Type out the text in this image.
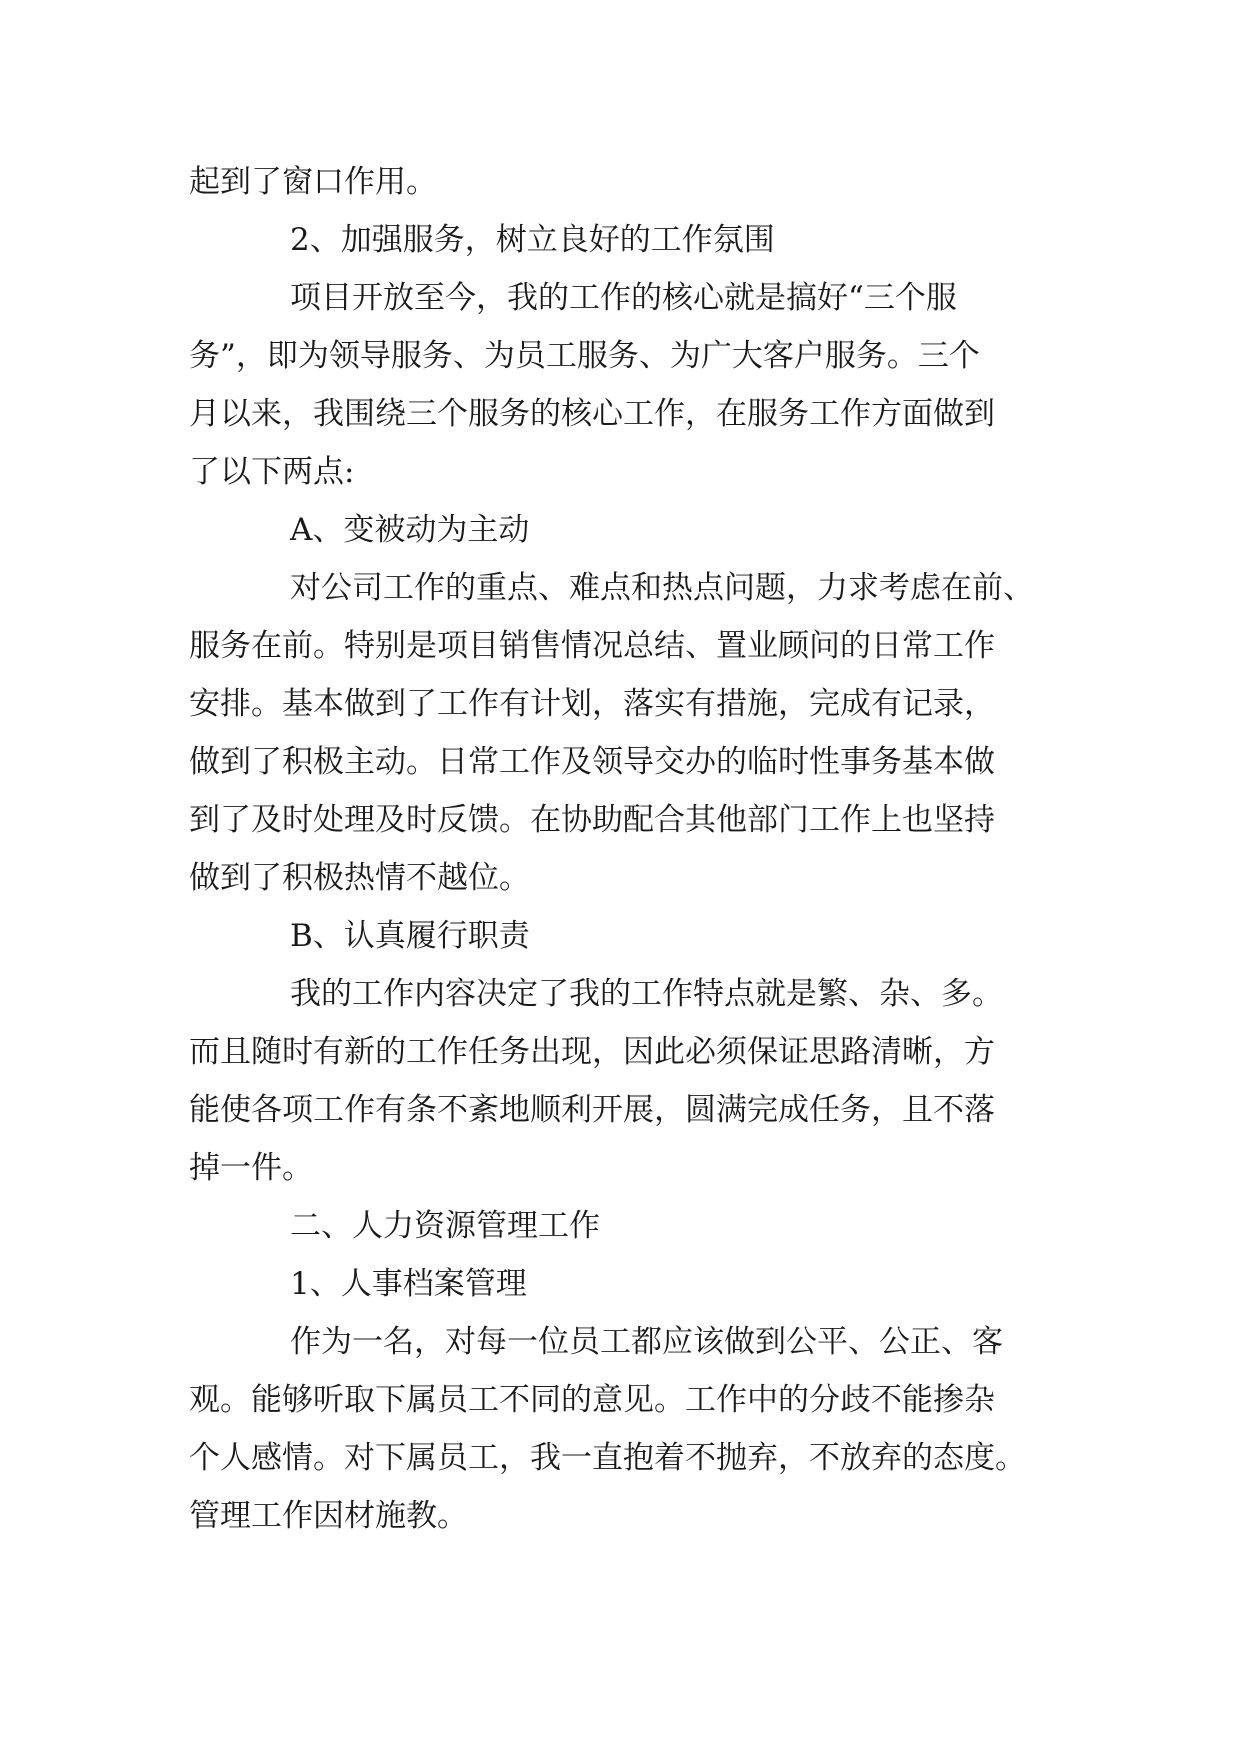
起到了窗口作用。
2、加强服务，树立良好的工作氛围
项目开放至今，我的工作的核心就是搞好“三个服
务”，即为领导服务、为员工服务、为广大客户服务。三个
月以来，我围绕三个服务的核心工作，在服务工作方面做到
了以下两点:
A、变被动为主动
对公司工作的重点、难点和热点问题，力求考虑在前、
服务在前。特别是项目销售情况总结、置业顾问的日常工作
安排。基本做到了工作有计划，落实有措施，完成有记录，
做到了积极主动。日常工作及领导交办的临时性事务基本做
到了及时处理及时反馈。在协助配合其他部门工作上也坚持
做到了积极热情不越位。
B、认真履行职责
我的工作内容决定了我的工作特点就是繁、杂、多。
而且随时有新的工作任务出现，因此必须保证思路清晰，方
能使各项工作有条不紊地顺利开展，圆满完成任务，且不落
掉一件。
二、人力资源管理工作
1、人事档案管理
作为一名，对每一位员工都应该做到公平、公正、客
观。能够听取下属员工不同的意见。工作中的分歧不能掺杂
个人感情。对下属员工，我一直抱着不抛弃，不放弃的态度。
管理工作因材施教。
